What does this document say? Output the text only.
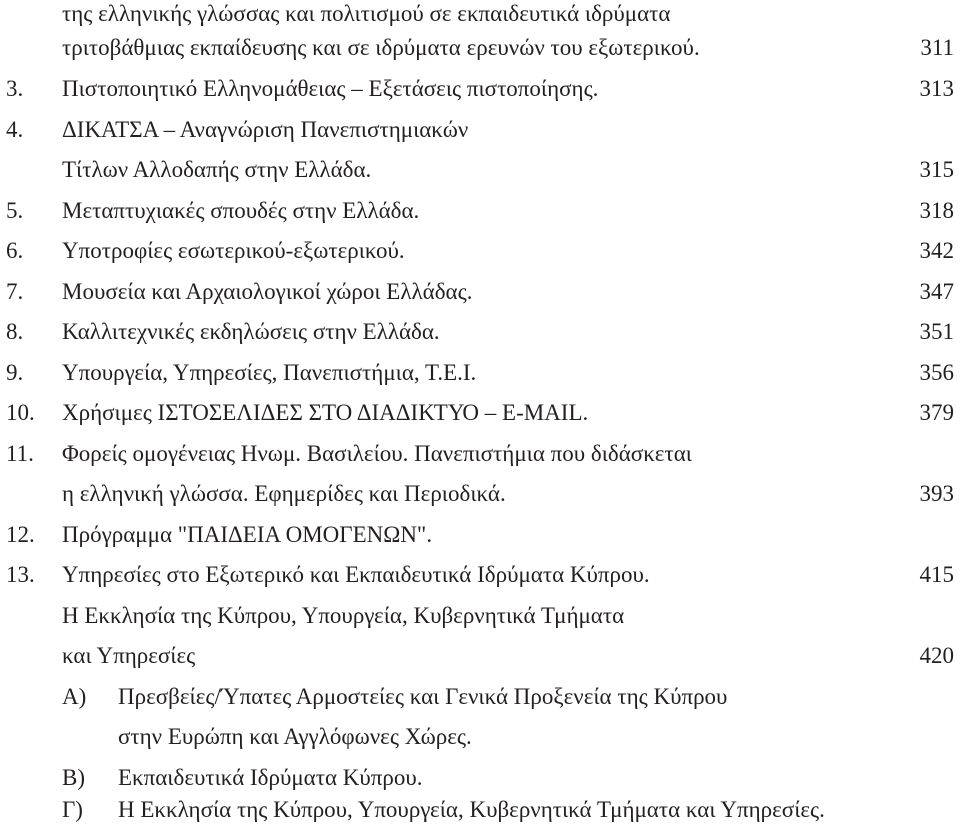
της ελληνικής γλώσσας και πολιτισμού σε εκπαιδευτικά ιδρύματα
τριτοβάθμιας εκπαίδευσης και σε ιδρύματα ερευνών του εξωτερικού.	311
3. Πιστοποιητικό Ελληνομάθειας – Εξετάσεις πιστοποίησης.	313
4. ΔΙΚΑΤΣΑ – Αναγνώριση Πανεπιστημιακών
Τίτλων Αλλοδαπής στην Ελλάδα.	315
5. Μεταπτυχιακές σπουδές στην Ελλάδα.	318
6. Υποτροφίες εσωτερικού-εξωτερικού.	342
7. Μουσεία και Αρχαιολογικοί χώροι Ελλάδας.	347
8. Καλλιτεχνικές εκδηλώσεις στην Ελλάδα.	351
9. Υπουργεία, Υπηρεσίες, Πανεπιστήμια, Τ.Ε.Ι.	356
10. Χρήσιμες ΙΣΤΟΣΕΛΙΔΕΣ ΣΤΟ ΔΙΑΔΙΚΤΥΟ – E-MAIL.	379
11. Φορείς ομογένειας Ηνωμ. Βασιλείου. Πανεπιστήμια που διδάσκεται
η ελληνική γλώσσα. Εφημερίδες και Περιοδικά.	393
12. Πρόγραμμα "ΠΑΙΔΕΙΑ ΟΜΟΓΕΝΩΝ".
13. Υπηρεσίες στο Εξωτερικό και Εκπαιδευτικά Ιδρύματα Κύπρου.	415
Η Εκκλησία της Κύπρου, Υπουργεία, Κυβερνητικά Τμήματα
και Υπηρεσίες	420
Α) Πρεσβείες/Ύπατες Αρμοστείες και Γενικά Προξενεία της Κύπρου
στην Ευρώπη και Αγγλόφωνες Χώρες.
Β) Εκπαιδευτικά Ιδρύματα Κύπρου.
Γ) Η Εκκλησία της Κύπρου, Υπουργεία, Κυβερνητικά Τμήματα και Υπηρεσίες.
